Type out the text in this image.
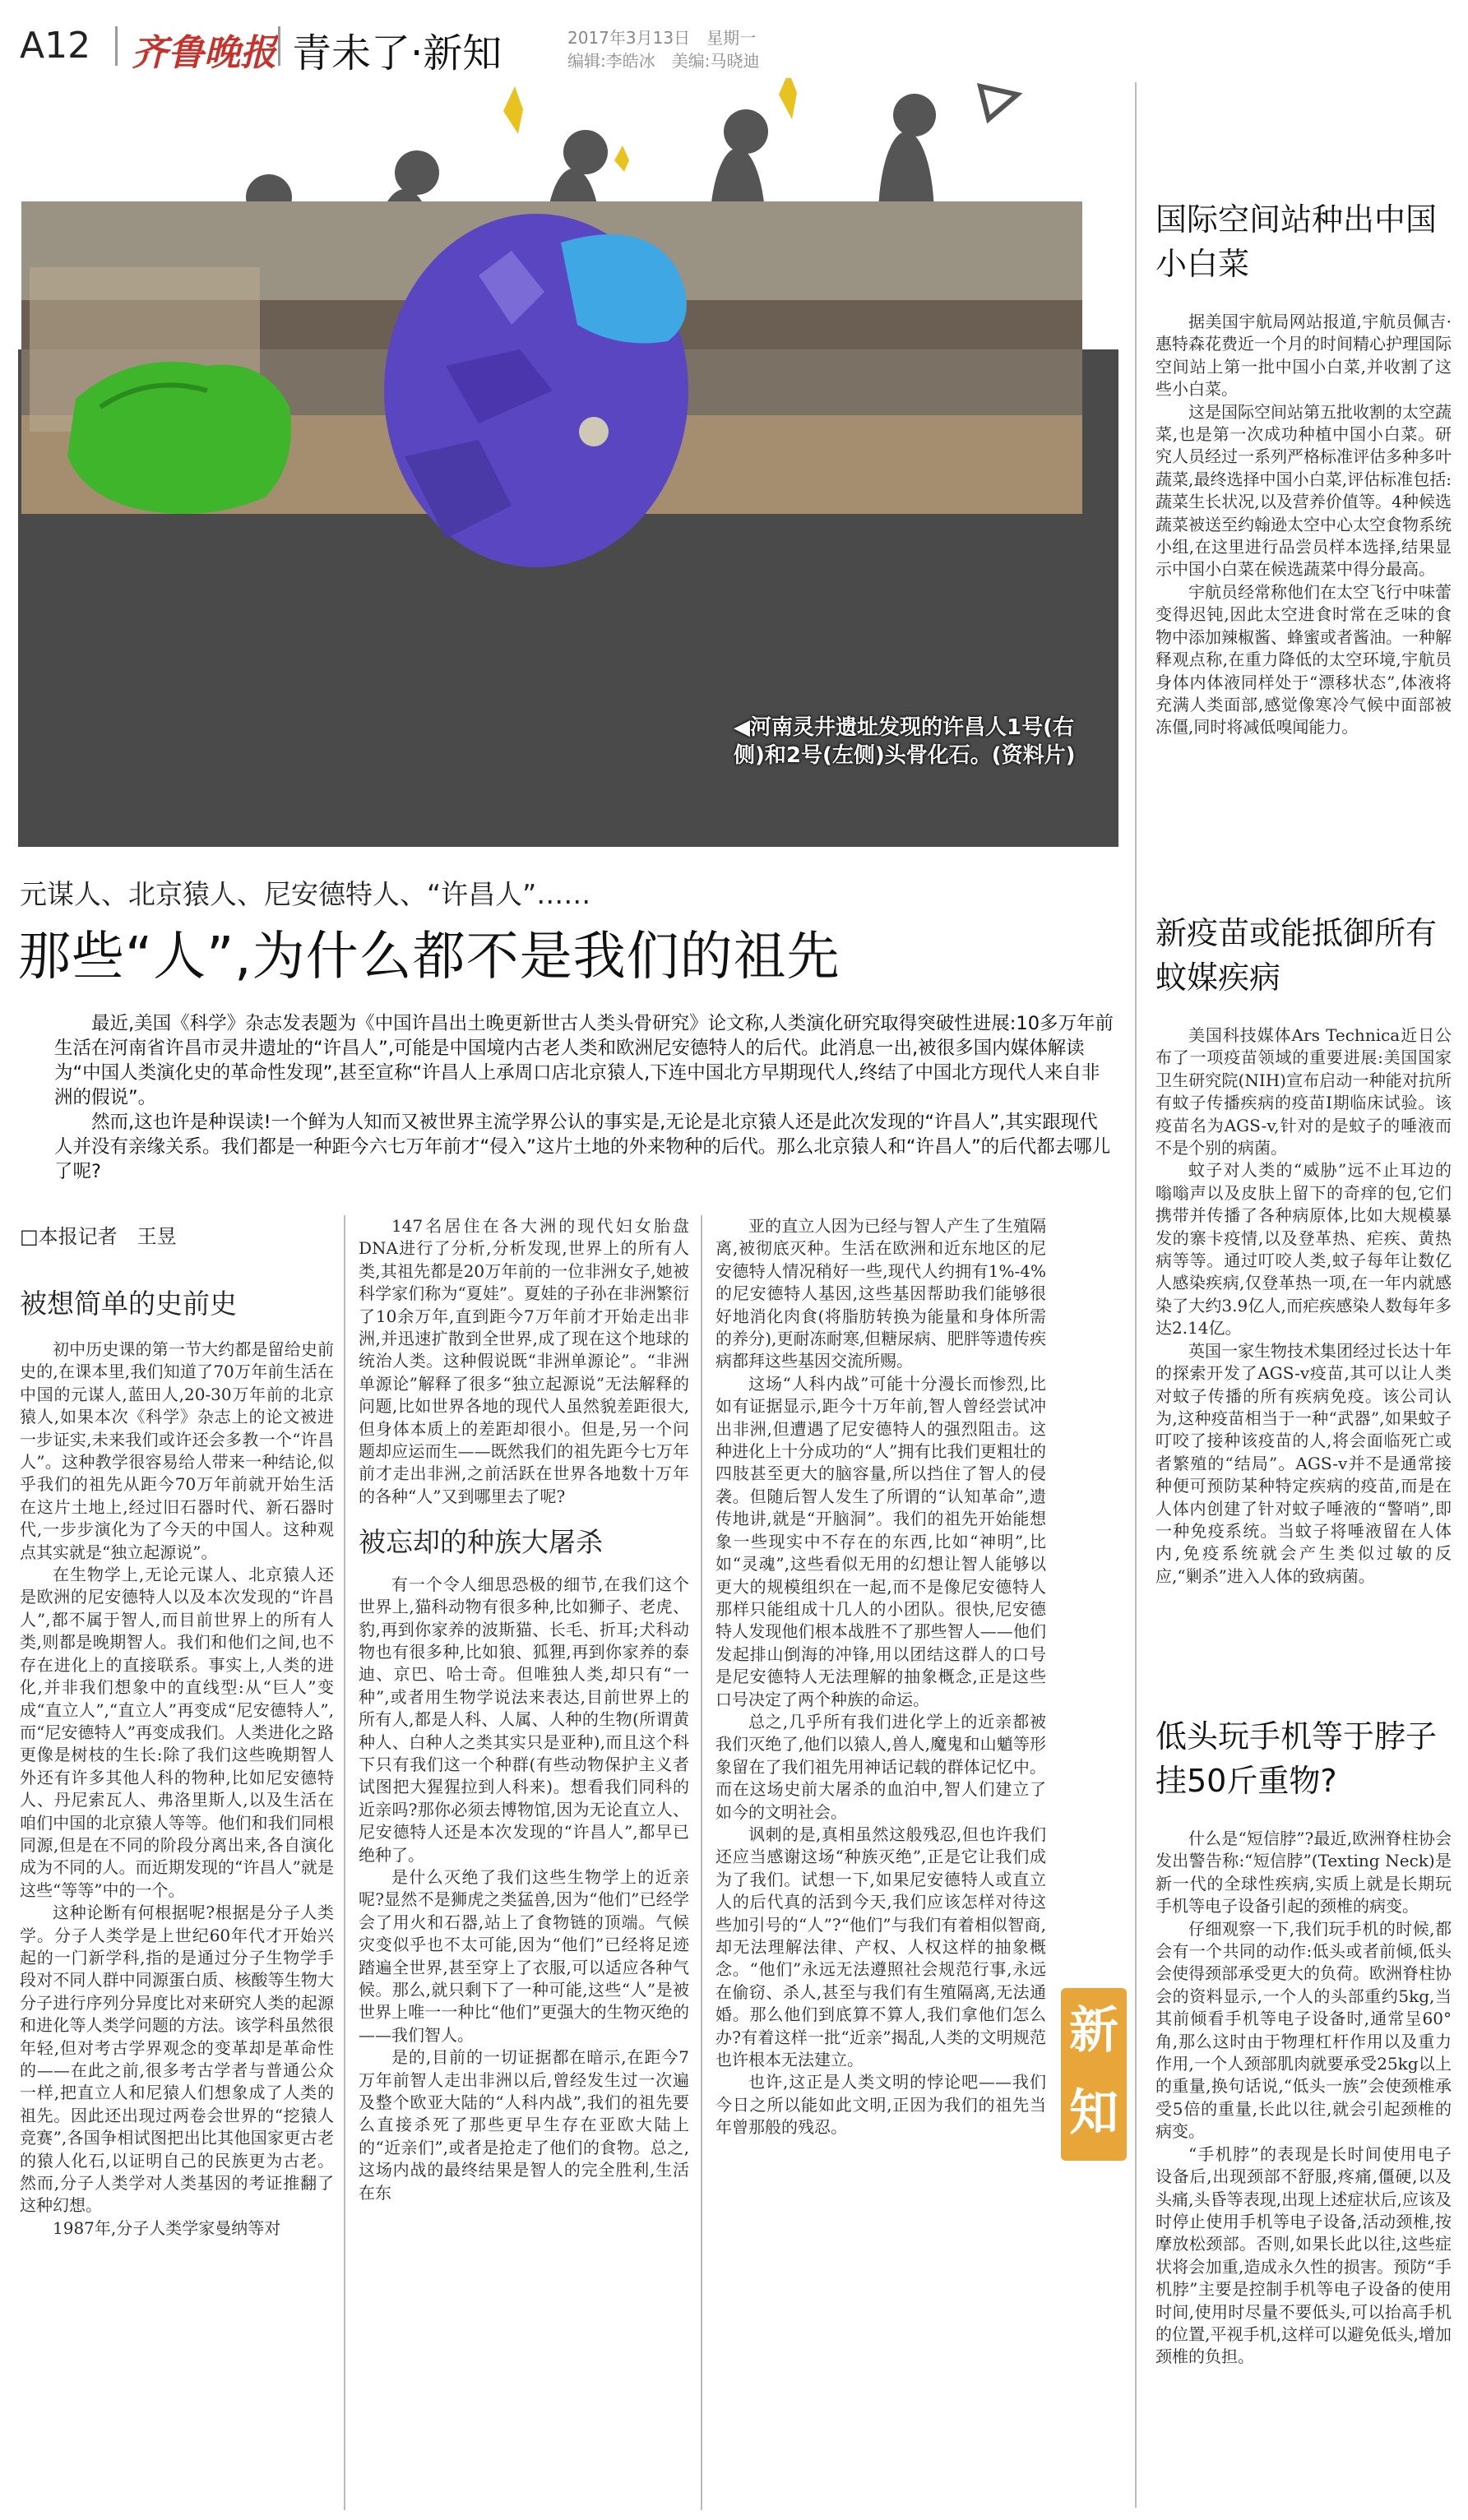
A12 齐鲁晚报 青未了·新知	2017年3月13日　星期一
编辑:李皓冰　美编:马晓迪
◀河南灵井遗址发现的许昌人1号(右侧)和2号(左侧)头骨化石。(资料片)
元谋人、北京猿人、尼安德特人、“许昌人”……
那些“人”,为什么都不是我们的祖先

最近,美国《科学》杂志发表题为《中国许昌出土晚更新世古人类头骨研究》论文称,人类演化研究取得突破性进展:10多万年前生活在河南省许昌市灵井遗址的“许昌人”,可能是中国境内古老人类和欧洲尼安德特人的后代。此消息一出,被很多国内媒体解读为“中国人类演化史的革命性发现”,甚至宣称“许昌人上承周口店北京猿人,下连中国北方早期现代人,终结了中国北方现代人来自非洲的假说”。

然而,这也许是种误读!一个鲜为人知而又被世界主流学界公认的事实是,无论是北京猿人还是此次发现的“许昌人”,其实跟现代人并没有亲缘关系。我们都是一种距今六七万年前才“侵入”这片土地的外来物种的后代。那么北京猿人和“许昌人”的后代都去哪儿了呢?

□本报记者　王昱
被想简单的史前史

初中历史课的第一节大约都是留给史前史的,在课本里,我们知道了70万年前生活在中国的元谋人,蓝田人,20-30万年前的北京猿人,如果本次《科学》杂志上的论文被进一步证实,未来我们或许还会多教一个“许昌人”。这种教学很容易给人带来一种结论,似乎我们的祖先从距今70万年前就开始生活在这片土地上,经过旧石器时代、新石器时代,一步步演化为了今天的中国人。这种观点其实就是“独立起源说”。

在生物学上,无论元谋人、北京猿人还是欧洲的尼安德特人以及本次发现的“许昌人”,都不属于智人,而目前世界上的所有人类,则都是晚期智人。我们和他们之间,也不存在进化上的直接联系。事实上,人类的进化,并非我们想象中的直线型:从“巨人”变成“直立人”,“直立人”再变成“尼安德特人”,而“尼安德特人”再变成我们。人类进化之路更像是树枝的生长:除了我们这些晚期智人外还有许多其他人科的物种,比如尼安德特人、丹尼索瓦人、弗洛里斯人,以及生活在咱们中国的北京猿人等等。他们和我们同根同源,但是在不同的阶段分离出来,各自演化成为不同的人。而近期发现的“许昌人”就是这些“等等”中的一个。

这种论断有何根据呢?根据是分子人类学。分子人类学是上世纪60年代才开始兴起的一门新学科,指的是通过分子生物学手段对不同人群中同源蛋白质、核酸等生物大分子进行序列分异度比对来研究人类的起源和进化等人类学问题的方法。该学科虽然很年轻,但对考古学界观念的变革却是革命性的——在此之前,很多考古学者与普通公众一样,把直立人和尼猿人们想象成了人类的祖先。因此还出现过两卷会世界的“挖猿人竞赛”,各国争相试图把出比其他国家更古老的猿人化石,以证明自己的民族更为古老。然而,分子人类学对人类基因的考证推翻了这种幻想。

1987年,分子人类学家曼纳等对

147名居住在各大洲的现代妇女胎盘DNA进行了分析,分析发现,世界上的所有人类,其祖先都是20万年前的一位非洲女子,她被科学家们称为“夏娃”。夏娃的子孙在非洲繁衍了10余万年,直到距今7万年前才开始走出非洲,并迅速扩散到全世界,成了现在这个地球的统治人类。这种假说既“非洲单源论”。“非洲单源论”解释了很多“独立起源说”无法解释的问题,比如世界各地的现代人虽然貌差距很大,但身体本质上的差距却很小。但是,另一个问题却应运而生——既然我们的祖先距今七万年前才走出非洲,之前活跃在世界各地数十万年的各种“人”又到哪里去了呢?

被忘却的种族大屠杀

有一个令人细思恐极的细节,在我们这个世界上,猫科动物有很多种,比如狮子、老虎、豹,再到你家养的波斯猫、长毛、折耳;犬科动物也有很多种,比如狼、狐狸,再到你家养的泰迪、京巴、哈士奇。但唯独人类,却只有“一种”,或者用生物学说法来表达,目前世界上的所有人,都是人科、人属、人种的生物(所谓黄种人、白种人之类其实只是亚种),而且这个科下只有我们这一个种群(有些动物保护主义者试图把大猩猩拉到人科来)。想看我们同科的近亲吗?那你必须去博物馆,因为无论直立人、尼安德特人还是本次发现的“许昌人”,都早已绝种了。

是什么灭绝了我们这些生物学上的近亲呢?显然不是狮虎之类猛兽,因为“他们”已经学会了用火和石器,站上了食物链的顶端。气候灾变似乎也不太可能,因为“他们”已经将足迹踏遍全世界,甚至穿上了衣服,可以适应各种气候。那么,就只剩下了一种可能,这些“人”是被世界上唯一一种比“他们”更强大的生物灭绝的——我们智人。

是的,目前的一切证据都在暗示,在距今7万年前智人走出非洲以后,曾经发生过一次遍及整个欧亚大陆的“人科内战”,我们的祖先要么直接杀死了那些更早生存在亚欧大陆上的“近亲们”,或者是抢走了他们的食物。总之,这场内战的最终结果是智人的完全胜利,生活在东

亚的直立人因为已经与智人产生了生殖隔离,被彻底灭种。生活在欧洲和近东地区的尼安德特人情况稍好一些,现代人约拥有1%-4%的尼安德特人基因,这些基因帮助我们能够很好地消化肉食(将脂肪转换为能量和身体所需的养分),更耐冻耐寒,但糖尿病、肥胖等遗传疾病都拜这些基因交流所赐。

这场“人科内战”可能十分漫长而惨烈,比如有证据显示,距今十万年前,智人曾经尝试冲出非洲,但遭遇了尼安德特人的强烈阻击。这种进化上十分成功的“人”拥有比我们更粗壮的四肢甚至更大的脑容量,所以挡住了智人的侵袭。但随后智人发生了所谓的“认知革命”,遗传地讲,就是“开脑洞”。我们的祖先开始能想象一些现实中不存在的东西,比如“神明”,比如“灵魂”,这些看似无用的幻想让智人能够以更大的规模组织在一起,而不是像尼安德特人那样只能组成十几人的小团队。很快,尼安德特人发现他们根本战胜不了那些智人——他们发起排山倒海的冲锋,用以团结这群人的口号是尼安德特人无法理解的抽象概念,正是这些口号决定了两个种族的命运。

总之,几乎所有我们进化学上的近亲都被我们灭绝了,他们以猿人,兽人,魔鬼和山魈等形象留在了我们祖先用神话记载的群体记忆中。而在这场史前大屠杀的血泊中,智人们建立了如今的文明社会。

讽刺的是,真相虽然这般残忍,但也许我们还应当感谢这场“种族灭绝”,正是它让我们成为了我们。试想一下,如果尼安德特人或直立人的后代真的活到今天,我们应该怎样对待这些加引号的“人”?“他们”与我们有着相似智商,却无法理解法律、产权、人权这样的抽象概念。“他们”永远无法遵照社会规范行事,永远在偷窃、杀人,甚至与我们有生殖隔离,无法通婚。那么他们到底算不算人,我们拿他们怎么办?有着这样一批“近亲”揭乱,人类的文明规范也许根本无法建立。

也许,这正是人类文明的悖论吧——我们今日之所以能如此文明,正因为我们的祖先当年曾那般的残忍。

国际空间站种出中国小白菜

据美国宇航局网站报道,宇航员佩吉·惠特森花费近一个月的时间精心护理国际空间站上第一批中国小白菜,并收割了这些小白菜。

这是国际空间站第五批收割的太空蔬菜,也是第一次成功种植中国小白菜。研究人员经过一系列严格标准评估多种多叶蔬菜,最终选择中国小白菜,评估标准包括:蔬菜生长状况,以及营养价值等。4种候选蔬菜被送至约翰逊太空中心太空食物系统小组,在这里进行品尝员样本选择,结果显示中国小白菜在候选蔬菜中得分最高。

宇航员经常称他们在太空飞行中味蕾变得迟钝,因此太空进食时常在乏味的食物中添加辣椒酱、蜂蜜或者酱油。一种解释观点称,在重力降低的太空环境,宇航员身体内体液同样处于“漂移状态”,体液将充满人类面部,感觉像寒冷气候中面部被冻僵,同时将减低嗅闻能力。

新疫苗或能抵御所有蚊媒疾病

美国科技媒体Ars Technica近日公布了一项疫苗领域的重要进展:美国国家卫生研究院(NIH)宣布启动一种能对抗所有蚊子传播疾病的疫苗Ⅰ期临床试验。该疫苗名为AGS-v,针对的是蚊子的唾液而不是个别的病菌。

蚊子对人类的“威胁”远不止耳边的嗡嗡声以及皮肤上留下的奇痒的包,它们携带并传播了各种病原体,比如大规模暴发的寨卡疫情,以及登革热、疟疾、黄热病等等。通过叮咬人类,蚊子每年让数亿人感染疾病,仅登革热一项,在一年内就感染了大约3.9亿人,而疟疾感染人数每年多达2.14亿。

英国一家生物技术集团经过长达十年的探索开发了AGS-v疫苗,其可以让人类对蚊子传播的所有疾病免疫。该公司认为,这种疫苗相当于一种“武器”,如果蚊子叮咬了接种该疫苗的人,将会面临死亡或者繁殖的“结局”。AGS-v并不是通常接种便可预防某种特定疾病的疫苗,而是在人体内创建了针对蚊子唾液的“警哨”,即一种免疫系统。当蚊子将唾液留在人体内,免疫系统就会产生类似过敏的反应,“剿杀”进入人体的致病菌。

低头玩手机等于脖子挂50斤重物?

什么是“短信脖”?最近,欧洲脊柱协会发出警告称:“短信脖”(Texting Neck)是新一代的全球性疾病,实质上就是长期玩手机等电子设备引起的颈椎的病变。

仔细观察一下,我们玩手机的时候,都会有一个共同的动作:低头或者前倾,低头会使得颈部承受更大的负荷。欧洲脊柱协会的资料显示,一个人的头部重约5kg,当其前倾看手机等电子设备时,通常呈60°角,那么这时由于物理杠杆作用以及重力作用,一个人颈部肌肉就要承受25kg以上的重量,换句话说,“低头一族”会使颈椎承受5倍的重量,长此以往,就会引起颈椎的病变。

“手机脖”的表现是长时间使用电子设备后,出现颈部不舒服,疼痛,僵硬,以及头痛,头昏等表现,出现上述症状后,应该及时停止使用手机等电子设备,活动颈椎,按摩放松颈部。否则,如果长此以往,这些症状将会加重,造成永久性的损害。预防“手机脖”主要是控制手机等电子设备的使用时间,使用时尽量不要低头,可以抬高手机的位置,平视手机,这样可以避免低头,增加颈椎的负担。

新
知
